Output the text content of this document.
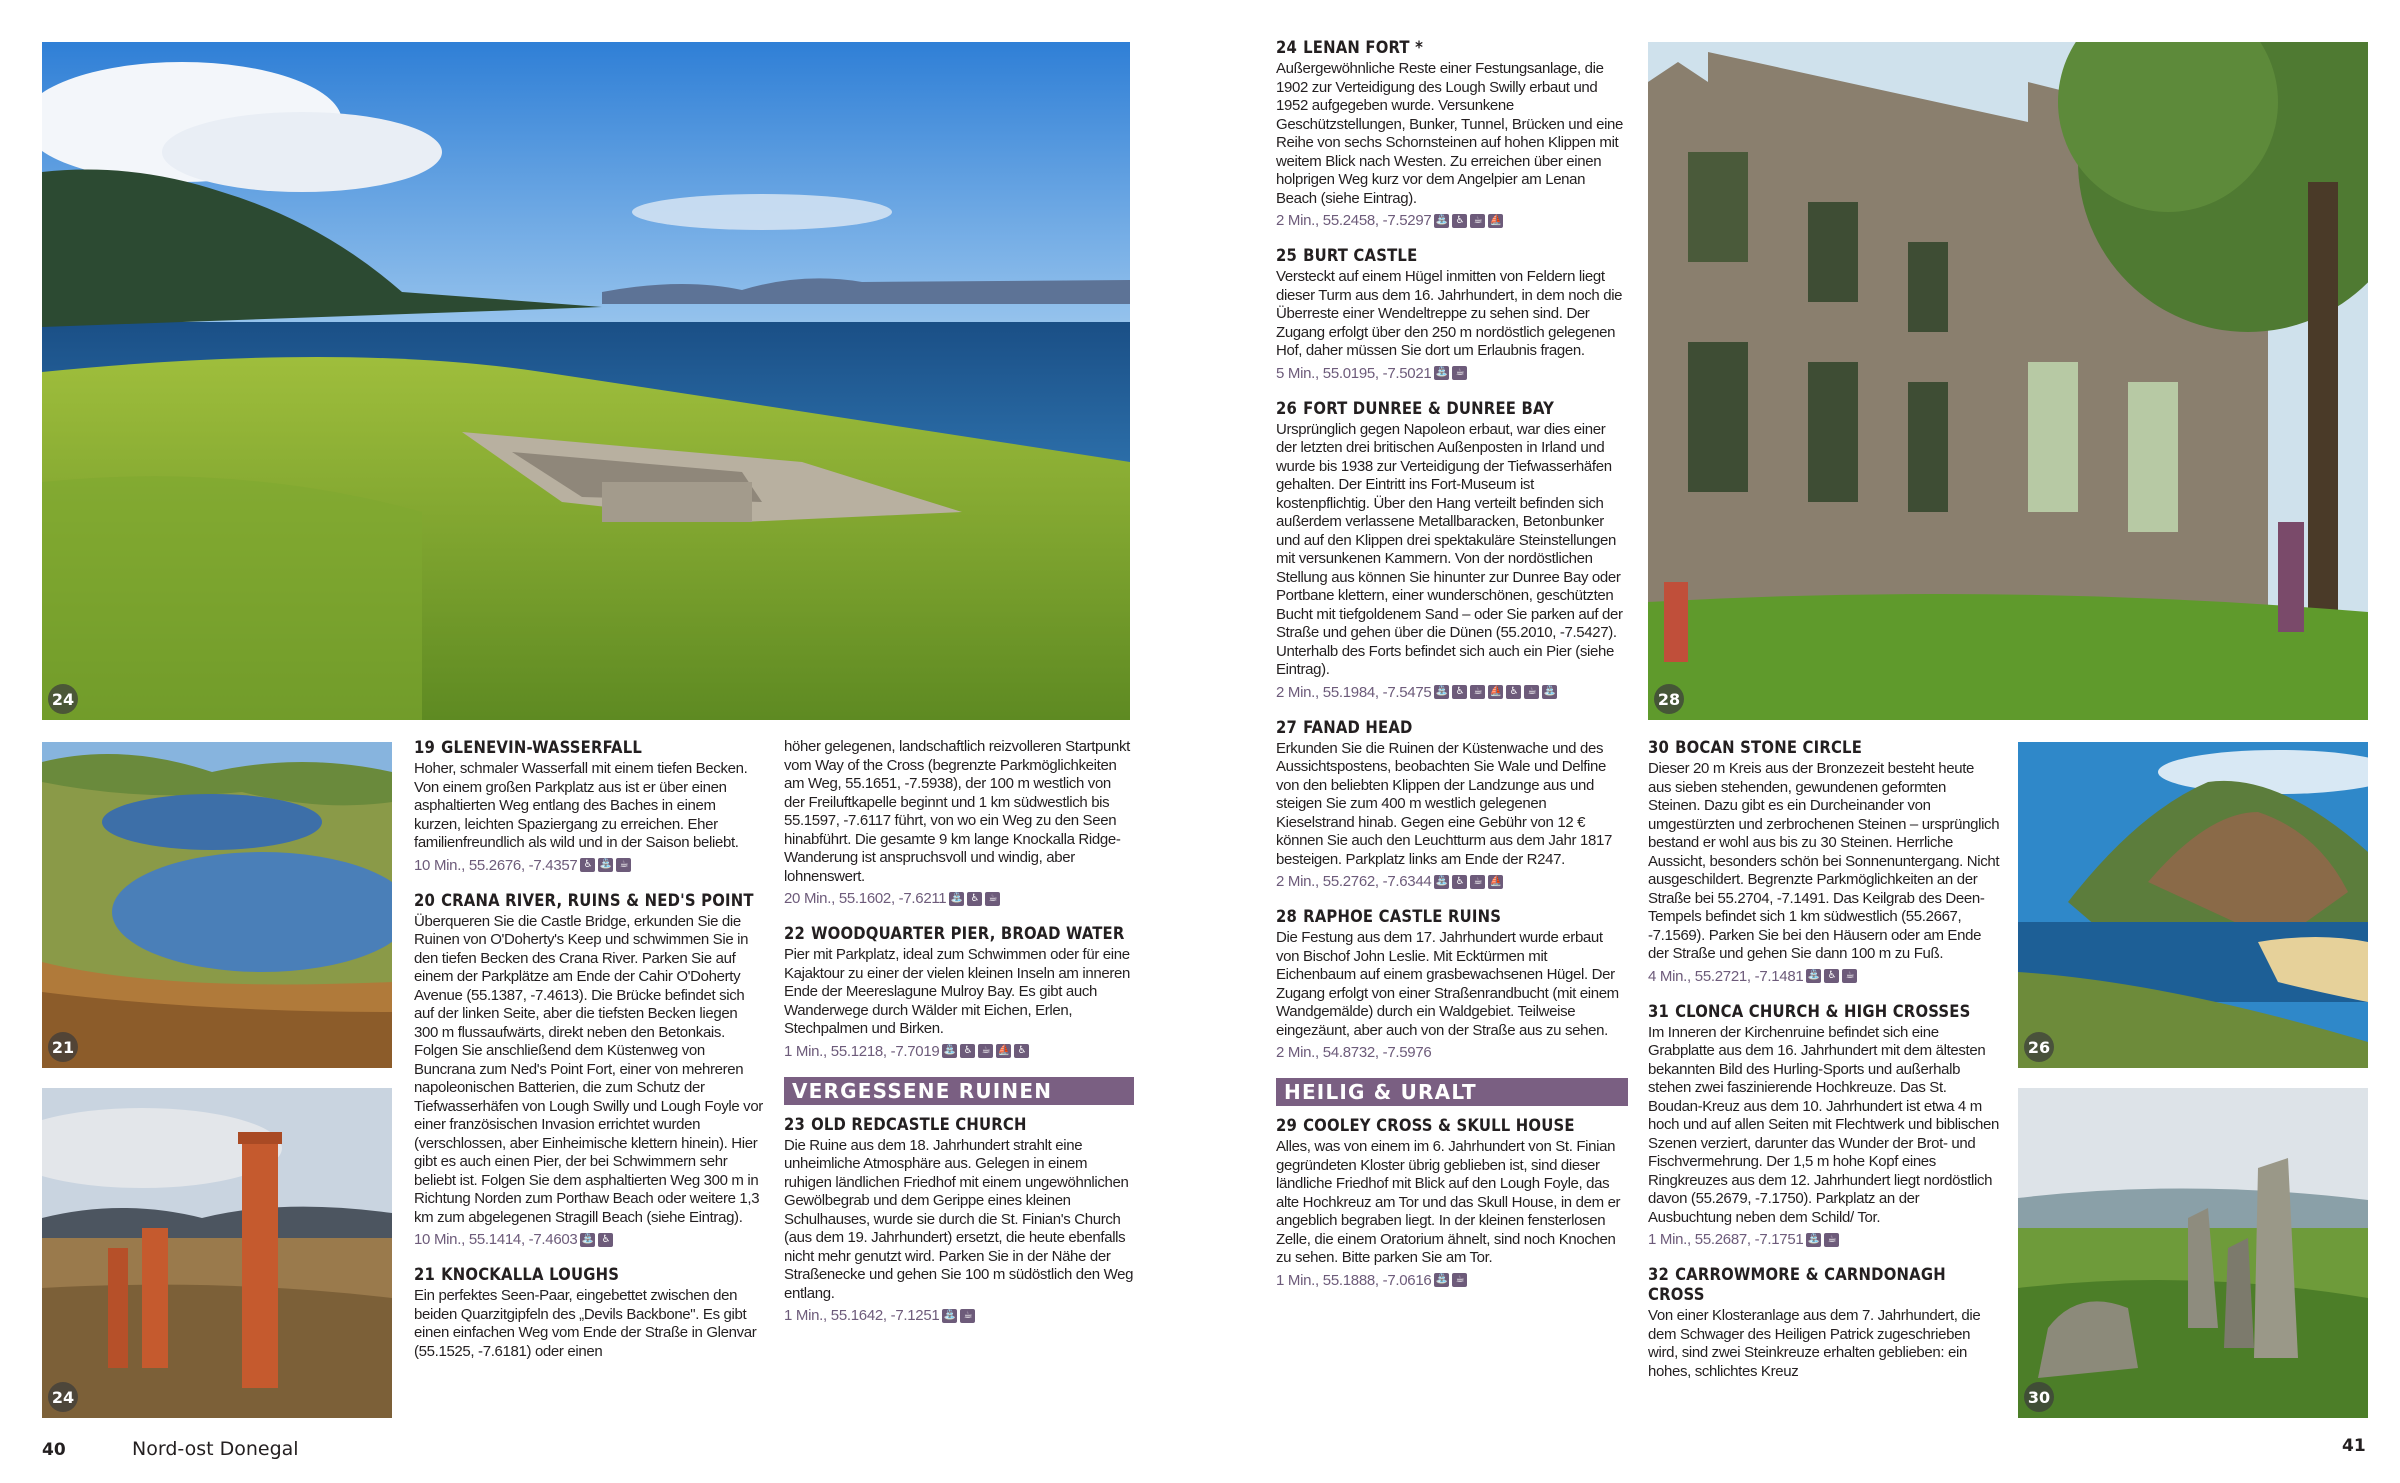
24
21
24
28
26
30
19 GLENEVIN-WASSERFALL

Hoher, schmaler Wasserfall mit einem tiefen Becken. Von einem großen Parkplatz aus ist er über einen asphaltierten Weg entlang des Baches in einem kurzen, leichten Spaziergang zu erreichen. Eher familienfreundlich als wild und in der Saison beliebt.

10 Min., 55.2676, -7.4357 ♿ ⛲ ☕
20 CRANA RIVER, RUINS & NED'S POINT

Überqueren Sie die Castle Bridge, erkunden Sie die Ruinen von O'Doherty's Keep und schwimmen Sie in den tiefen Becken des Crana River. Parken Sie auf einem der Parkplätze am Ende der Cahir O'Doherty Avenue (55.1387, -7.4613). Die Brücke befindet sich auf der linken Seite, aber die tiefsten Becken liegen 300 m flussaufwärts, direkt neben den Betonkais. Folgen Sie anschließend dem Küstenweg von Buncrana zum Ned's Point Fort, einer von mehreren napoleonischen Batterien, die zum Schutz der Tiefwasserhäfen von Lough Swilly und Lough Foyle vor einer französischen Invasion errichtet wurden (verschlossen, aber Einheimische klettern hinein). Hier gibt es auch einen Pier, der bei Schwimmern sehr beliebt ist. Folgen Sie dem asphaltierten Weg 300 m in Richtung Norden zum Porthaw Beach oder weitere 1,3 km zum abgelegenen Stragill Beach (siehe Eintrag).

10 Min., 55.1414, -7.4603 ⛲ ♿
21 KNOCKALLA LOUGHS

Ein perfektes Seen-Paar, eingebettet zwischen den beiden Quarzitgipfeln des „Devils Backbone". Es gibt einen einfachen Weg vom Ende der Straße in Glenvar (55.1525, -7.6181) oder einen

höher gelegenen, landschaftlich reizvolleren Startpunkt vom Way of the Cross (begrenzte Parkmöglichkeiten am Weg, 55.1651, -7.5938), der 100 m westlich von der Freiluftkapelle beginnt und 1 km südwestlich bis 55.1597, -7.6117 führt, von wo ein Weg zu den Seen hinabführt. Die gesamte 9 km lange Knockalla Ridge-Wanderung ist anspruchsvoll und windig, aber lohnenswert.

20 Min., 55.1602, -7.6211 ⛲ ♿ ☕
22 WOODQUARTER PIER, BROAD WATER

Pier mit Parkplatz, ideal zum Schwimmen oder für eine Kajaktour zu einer der vielen kleinen Inseln am inneren Ende der Meereslagune Mulroy Bay. Es gibt auch Wanderwege durch Wälder mit Eichen, Erlen, Stechpalmen und Birken.

1 Min., 55.1218, -7.7019 ⛲ ♿ ☕ ⛵ ♿
VERGESSENE RUINEN
23 OLD REDCASTLE CHURCH

Die Ruine aus dem 18. Jahrhundert strahlt eine unheimliche Atmosphäre aus. Gelegen in einem ruhigen ländlichen Friedhof mit einem ungewöhnlichen Gewölbegrab und dem Gerippe eines kleinen Schulhauses, wurde sie durch die St. Finian's Church (aus dem 19. Jahrhundert) ersetzt, die heute ebenfalls nicht mehr genutzt wird. Parken Sie in der Nähe der Straßenecke und gehen Sie 100 m südöstlich den Weg entlang.

1 Min., 55.1642, -7.1251 ⛲ ☕
24 LENAN FORT *

Außergewöhnliche Reste einer Festungsanlage, die 1902 zur Verteidigung des Lough Swilly erbaut und 1952 aufgegeben wurde. Versunkene Geschützstellungen, Bunker, Tunnel, Brücken und eine Reihe von sechs Schornsteinen auf hohen Klippen mit weitem Blick nach Westen. Zu erreichen über einen holprigen Weg kurz vor dem Angelpier am Lenan Beach (siehe Eintrag).

2 Min., 55.2458, -7.5297 ⛲ ♿ ☕ ⛵
25 BURT CASTLE

Versteckt auf einem Hügel inmitten von Feldern liegt dieser Turm aus dem 16. Jahrhundert, in dem noch die Überreste einer Wendeltreppe zu sehen sind. Der Zugang erfolgt über den 250 m nordöstlich gelegenen Hof, daher müssen Sie dort um Erlaubnis fragen.

5 Min., 55.0195, -7.5021 ⛲ ☕
26 FORT DUNREE & DUNREE BAY

Ursprünglich gegen Napoleon erbaut, war dies einer der letzten drei britischen Außenposten in Irland und wurde bis 1938 zur Verteidigung der Tiefwasserhäfen gehalten. Der Eintritt ins Fort-Museum ist kostenpflichtig. Über den Hang verteilt befinden sich außerdem verlassene Metallbaracken, Betonbunker und auf den Klippen drei spektakuläre Steinstellungen mit versunkenen Kammern. Von der nordöstlichen Stellung aus können Sie hinunter zur Dunree Bay oder Portbane klettern, einer wunderschönen, geschützten Bucht mit tiefgoldenem Sand – oder Sie parken auf der Straße und gehen über die Dünen (55.2010, -7.5427). Unterhalb des Forts befindet sich auch ein Pier (siehe Eintrag).

2 Min., 55.1984, -7.5475 ⛲ ♿ ☕ ⛵ ♿ ☕ ⛲
27 FANAD HEAD

Erkunden Sie die Ruinen der Küstenwache und des Aussichtspostens, beobachten Sie Wale und Delfine von den beliebten Klippen der Landzunge aus und steigen Sie zum 400 m westlich gelegenen Kieselstrand hinab. Gegen eine Gebühr von 12 € können Sie auch den Leuchtturm aus dem Jahr 1817 besteigen. Parkplatz links am Ende der R247.

2 Min., 55.2762, -7.6344 ⛲ ♿ ☕ ⛵
28 RAPHOE CASTLE RUINS

Die Festung aus dem 17. Jahrhundert wurde erbaut von Bischof John Leslie. Mit Ecktürmen mit Eichenbaum auf einem grasbewachsenen Hügel. Der Zugang erfolgt von einer Straßenrandbucht (mit einem Wandgemälde) durch ein Waldgebiet. Teilweise eingezäunt, aber auch von der Straße aus zu sehen.

2 Min., 54.8732, -7.5976
HEILIG & URALT
29 COOLEY CROSS & SKULL HOUSE

Alles, was von einem im 6. Jahrhundert von St. Finian gegründeten Kloster übrig geblieben ist, sind dieser ländliche Friedhof mit Blick auf den Lough Foyle, das alte Hochkreuz am Tor und das Skull House, in dem er angeblich begraben liegt. In der kleinen fensterlosen Zelle, die einem Oratorium ähnelt, sind noch Knochen zu sehen. Bitte parken Sie am Tor.

1 Min., 55.1888, -7.0616 ⛲ ☕
30 BOCAN STONE CIRCLE

Dieser 20 m Kreis aus der Bronzezeit besteht heute aus sieben stehenden, gewundenen geformten Steinen. Dazu gibt es ein Durcheinander von umgestürzten und zerbrochenen Steinen – ursprünglich bestand er wohl aus bis zu 30 Steinen. Herrliche Aussicht, besonders schön bei Sonnenuntergang. Nicht ausgeschildert. Begrenzte Parkmöglichkeiten an der Straße bei 55.2704, -7.1491. Das Keilgrab des Deen-Tempels befindet sich 1 km südwestlich (55.2667, -7.1569). Parken Sie bei den Häusern oder am Ende der Straße und gehen Sie dann 100 m zu Fuß.

4 Min., 55.2721, -7.1481 ⛲ ♿ ☕
31 CLONCA CHURCH & HIGH CROSSES

Im Inneren der Kirchenruine befindet sich eine Grabplatte aus dem 16. Jahrhundert mit dem ältesten bekannten Bild des Hurling-Sports und außerhalb stehen zwei faszinierende Hochkreuze. Das St. Boudan-Kreuz aus dem 10. Jahrhundert ist etwa 4 m hoch und auf allen Seiten mit Flechtwerk und biblischen Szenen verziert, darunter das Wunder der Brot- und Fischvermehrung. Der 1,5 m hohe Kopf eines Ringkreuzes aus dem 12. Jahrhundert liegt nordöstlich davon (55.2679, -7.1750). Parkplatz an der Ausbuchtung neben dem Schild/ Tor.

1 Min., 55.2687, -7.1751 ⛲ ☕
32 CARROWMORE & CARNDONAGH CROSS

Von einer Klosteranlage aus dem 7. Jahrhundert, die dem Schwager des Heiligen Patrick zugeschrieben wird, sind zwei Steinkreuze erhalten geblieben: ein hohes, schlichtes Kreuz

40	Nord-ost Donegal	41
